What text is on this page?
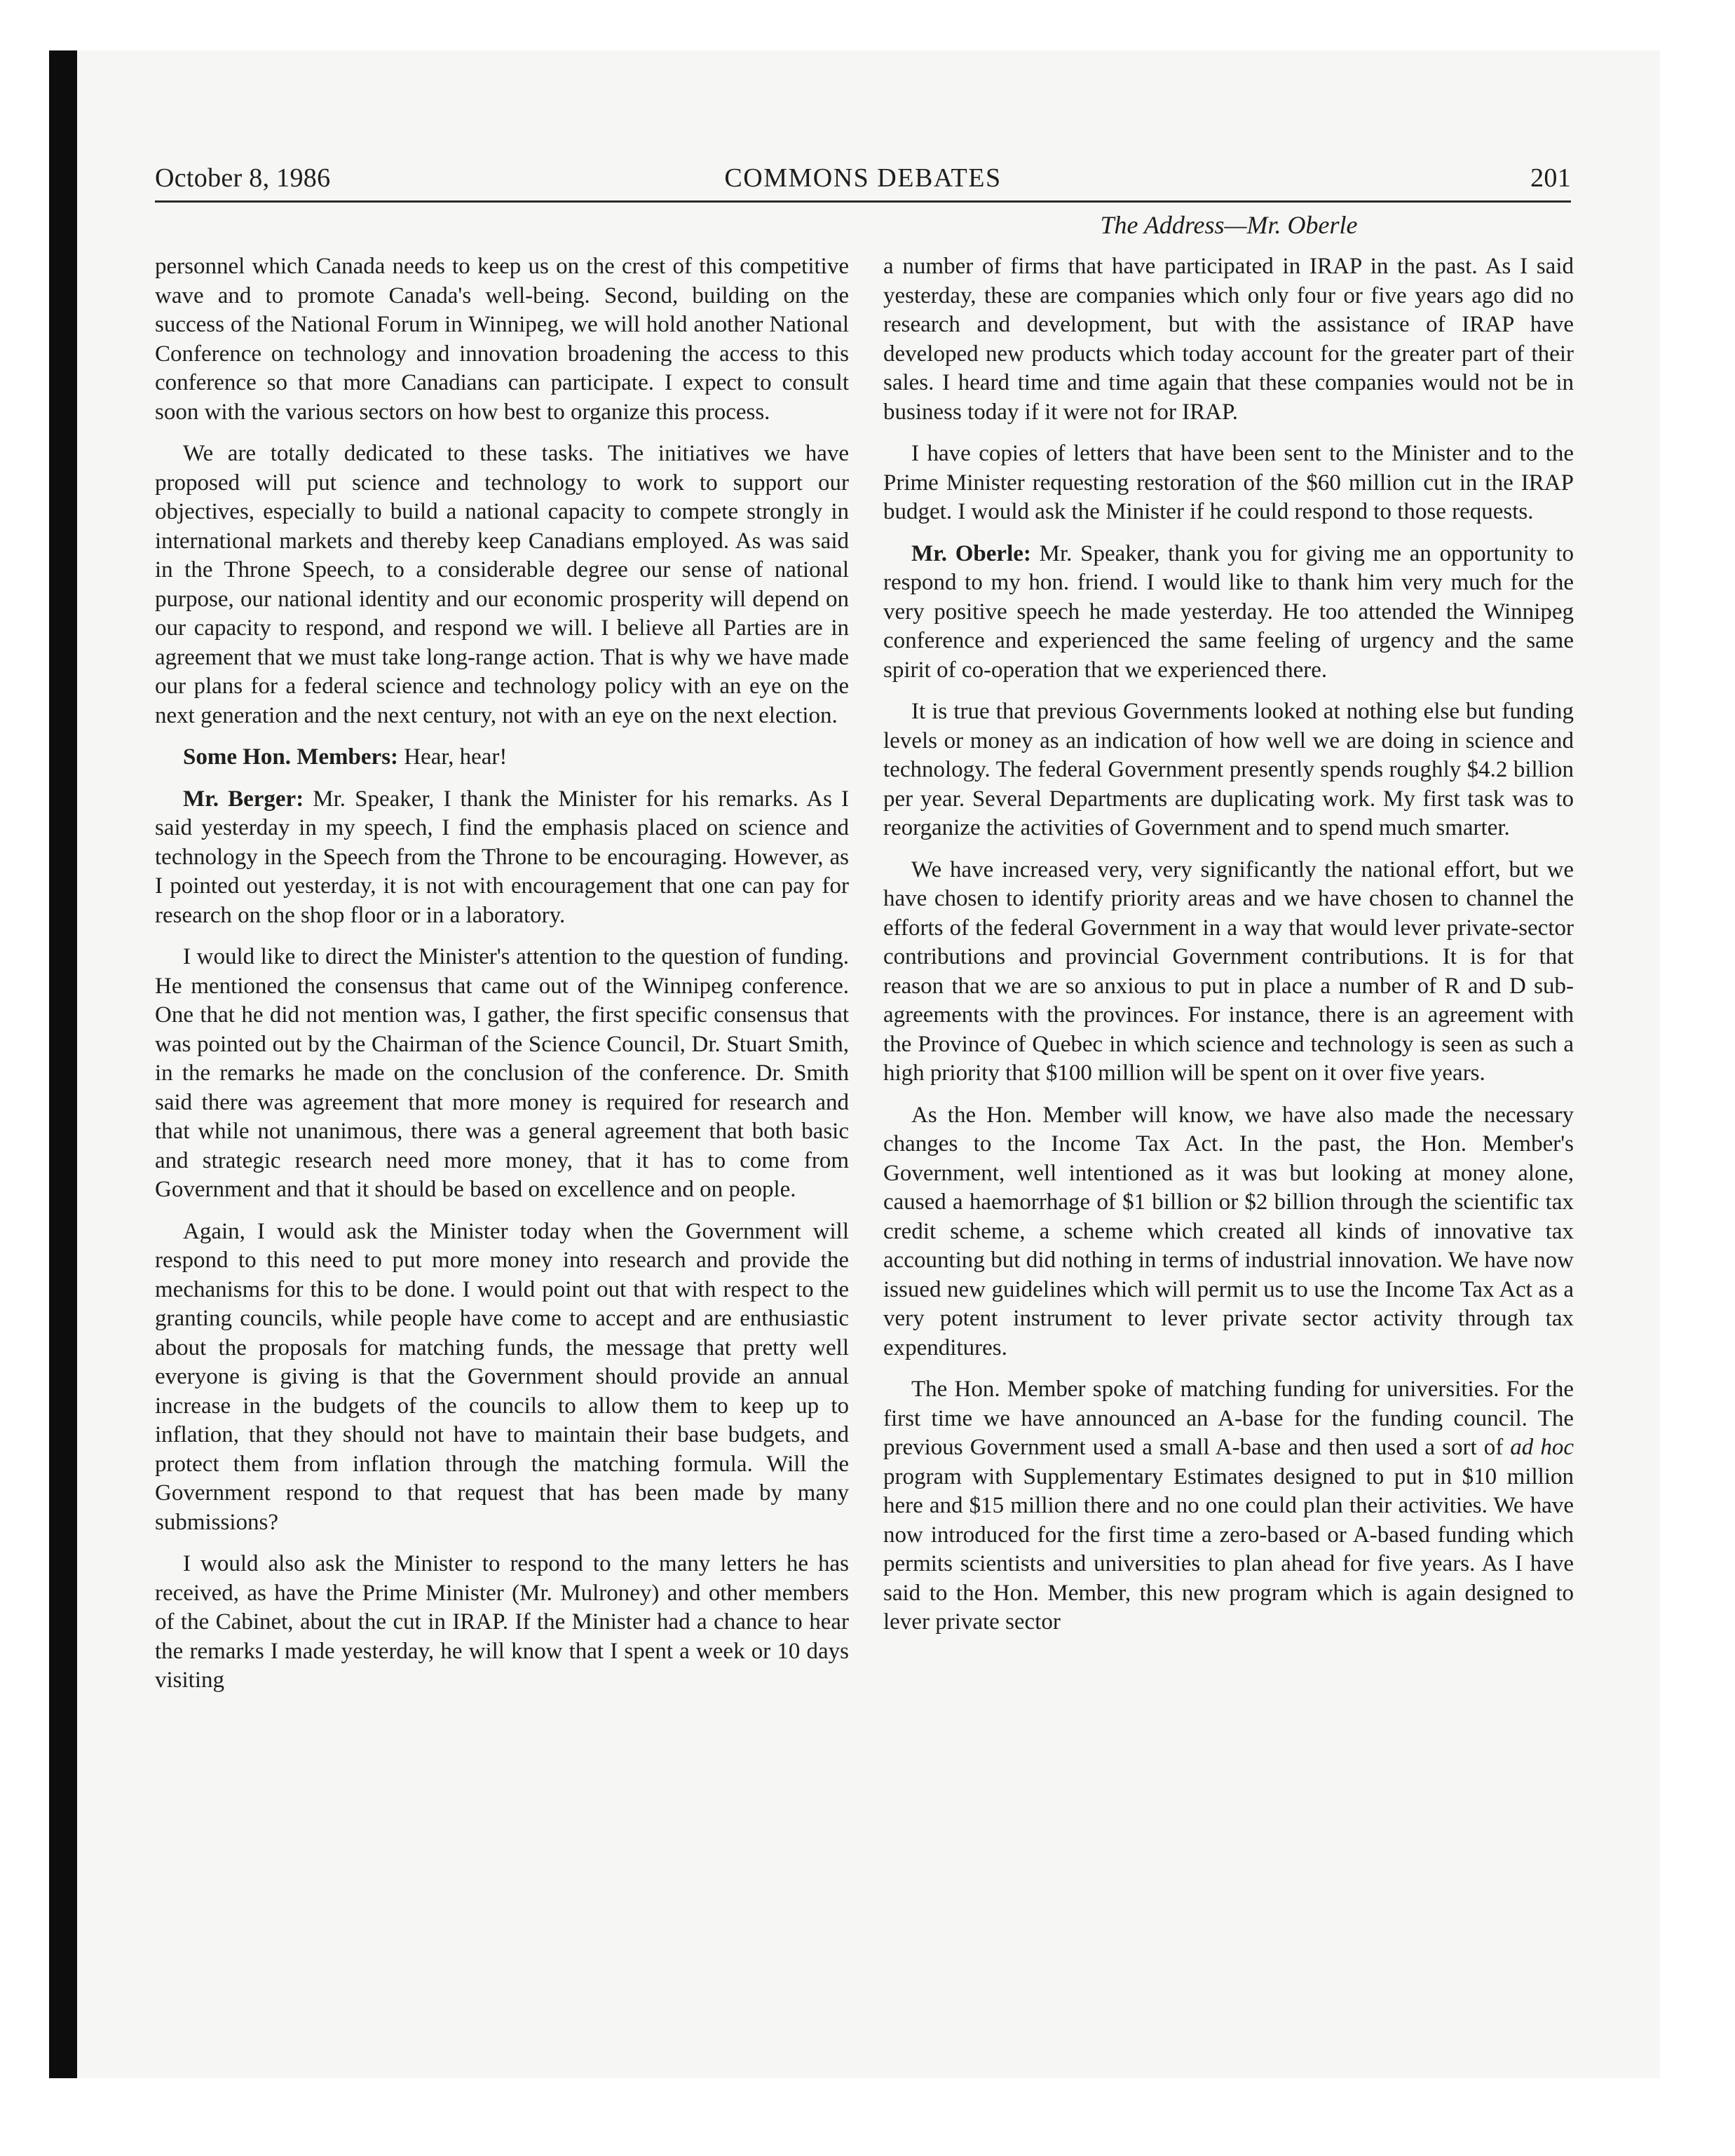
October 8, 1986	COMMONS DEBATES	201
The Address—Mr. Oberle

personnel which Canada needs to keep us on the crest of this competitive wave and to promote Canada's well-being. Second, building on the success of the National Forum in Winnipeg, we will hold another National Conference on technology and innovation broadening the access to this conference so that more Canadians can participate. I expect to consult soon with the various sectors on how best to organize this process.

We are totally dedicated to these tasks. The initiatives we have proposed will put science and technology to work to support our objectives, especially to build a national capacity to compete strongly in international markets and thereby keep Canadians employed. As was said in the Throne Speech, to a considerable degree our sense of national purpose, our national identity and our economic prosperity will depend on our capacity to respond, and respond we will. I believe all Parties are in agreement that we must take long-range action. That is why we have made our plans for a federal science and technology policy with an eye on the next generation and the next century, not with an eye on the next election.

Some Hon. Members: Hear, hear!

Mr. Berger: Mr. Speaker, I thank the Minister for his remarks. As I said yesterday in my speech, I find the emphasis placed on science and technology in the Speech from the Throne to be encouraging. However, as I pointed out yesterday, it is not with encouragement that one can pay for research on the shop floor or in a laboratory.

I would like to direct the Minister's attention to the question of funding. He mentioned the consensus that came out of the Winnipeg conference. One that he did not mention was, I gather, the first specific consensus that was pointed out by the Chairman of the Science Council, Dr. Stuart Smith, in the remarks he made on the conclusion of the conference. Dr. Smith said there was agreement that more money is required for research and that while not unanimous, there was a general agreement that both basic and strategic research need more money, that it has to come from Government and that it should be based on excellence and on people.

Again, I would ask the Minister today when the Government will respond to this need to put more money into research and provide the mechanisms for this to be done. I would point out that with respect to the granting councils, while people have come to accept and are enthusiastic about the proposals for matching funds, the message that pretty well everyone is giving is that the Government should provide an annual increase in the budgets of the councils to allow them to keep up to inflation, that they should not have to maintain their base budgets, and protect them from inflation through the matching formula. Will the Government respond to that request that has been made by many submissions?

I would also ask the Minister to respond to the many letters he has received, as have the Prime Minister (Mr. Mulroney) and other members of the Cabinet, about the cut in IRAP. If the Minister had a chance to hear the remarks I made yesterday, he will know that I spent a week or 10 days visiting

a number of firms that have participated in IRAP in the past. As I said yesterday, these are companies which only four or five years ago did no research and development, but with the assistance of IRAP have developed new products which today account for the greater part of their sales. I heard time and time again that these companies would not be in business today if it were not for IRAP.

I have copies of letters that have been sent to the Minister and to the Prime Minister requesting restoration of the $60 million cut in the IRAP budget. I would ask the Minister if he could respond to those requests.

Mr. Oberle: Mr. Speaker, thank you for giving me an opportunity to respond to my hon. friend. I would like to thank him very much for the very positive speech he made yesterday. He too attended the Winnipeg conference and experienced the same feeling of urgency and the same spirit of co-operation that we experienced there.

It is true that previous Governments looked at nothing else but funding levels or money as an indication of how well we are doing in science and technology. The federal Government presently spends roughly $4.2 billion per year. Several Departments are duplicating work. My first task was to reorganize the activities of Government and to spend much smarter.

We have increased very, very significantly the national effort, but we have chosen to identify priority areas and we have chosen to channel the efforts of the federal Government in a way that would lever private-sector contributions and provincial Government contributions. It is for that reason that we are so anxious to put in place a number of R and D sub-agreements with the provinces. For instance, there is an agreement with the Province of Quebec in which science and technology is seen as such a high priority that $100 million will be spent on it over five years.

As the Hon. Member will know, we have also made the necessary changes to the Income Tax Act. In the past, the Hon. Member's Government, well intentioned as it was but looking at money alone, caused a haemorrhage of $1 billion or $2 billion through the scientific tax credit scheme, a scheme which created all kinds of innovative tax accounting but did nothing in terms of industrial innovation. We have now issued new guidelines which will permit us to use the Income Tax Act as a very potent instrument to lever private sector activity through tax expenditures.

The Hon. Member spoke of matching funding for universities. For the first time we have announced an A-base for the funding council. The previous Government used a small A-base and then used a sort of ad hoc program with Supplementary Estimates designed to put in $10 million here and $15 million there and no one could plan their activities. We have now introduced for the first time a zero-based or A-based funding which permits scientists and universities to plan ahead for five years. As I have said to the Hon. Member, this new program which is again designed to lever private sector
